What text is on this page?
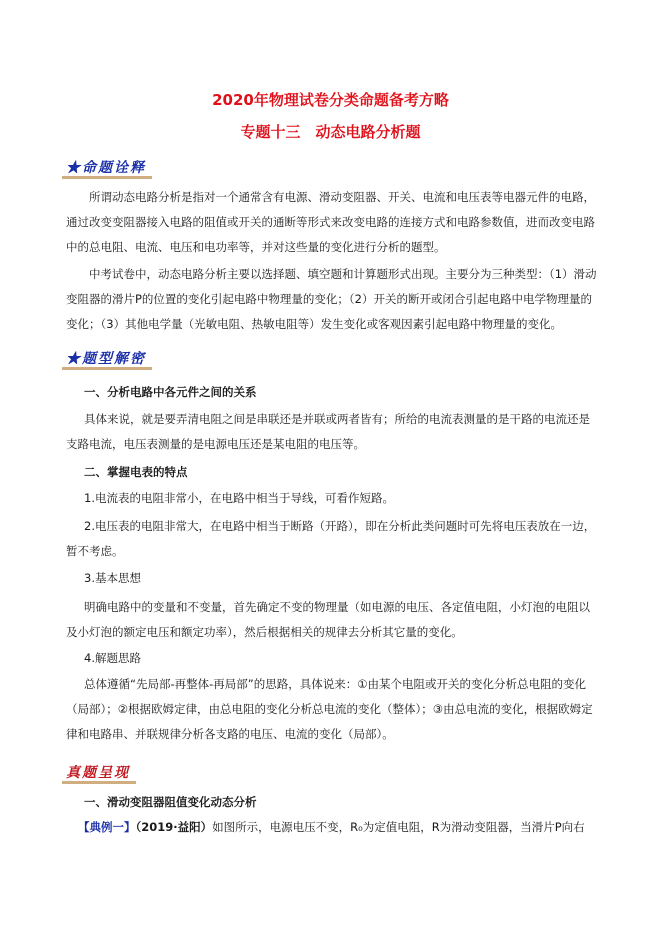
2020年物理试卷分类命题备考方略
专题十三　动态电路分析题
★命题诠释
所谓动态电路分析是指对一个通常含有电源、滑动变阻器、开关、电流和电压表等电器元件的电路，通过改变变阻器接入电路的阻值或开关的通断等形式来改变电路的连接方式和电路参数值，进而改变电路中的总电阻、电流、电压和电功率等，并对这些量的变化进行分析的题型。
中考试卷中，动态电路分析主要以选择题、填空题和计算题形式出现。主要分为三种类型：（1）滑动变阻器的滑片P的位置的变化引起电路中物理量的变化；（2）开关的断开或闭合引起电路中电学物理量的变化；（3）其他电学量（光敏电阻、热敏电阻等）发生变化或客观因素引起电路中物理量的变化。
★题型解密
一、分析电路中各元件之间的关系
具体来说，就是要弄清电阻之间是串联还是并联或两者皆有；所给的电流表测量的是干路的电流还是支路电流，电压表测量的是电源电压还是某电阻的电压等。
二、掌握电表的特点
1.电流表的电阻非常小，在电路中相当于导线，可看作短路。
2.电压表的电阻非常大，在电路中相当于断路（开路），即在分析此类问题时可先将电压表放在一边，暂不考虑。
3.基本思想
明确电路中的变量和不变量，首先确定不变的物理量（如电源的电压、各定值电阻，小灯泡的电阻以及小灯泡的额定电压和额定功率），然后根据相关的规律去分析其它量的变化。
4.解题思路
总体遵循“先局部-再整体-再局部”的思路，具体说来：①由某个电阻或开关的变化分析总电阻的变化（局部）；②根据欧姆定律，由总电阻的变化分析总电流的变化（整体）；③由总电流的变化，根据欧姆定律和电路串、并联规律分析各支路的电压、电流的变化（局部）。
真题呈现
一、滑动变阻器阻值变化动态分析
【典例一】（2019·益阳）如图所示，电源电压不变，R₀为定值电阻，R为滑动变阻器，当滑片P向右
